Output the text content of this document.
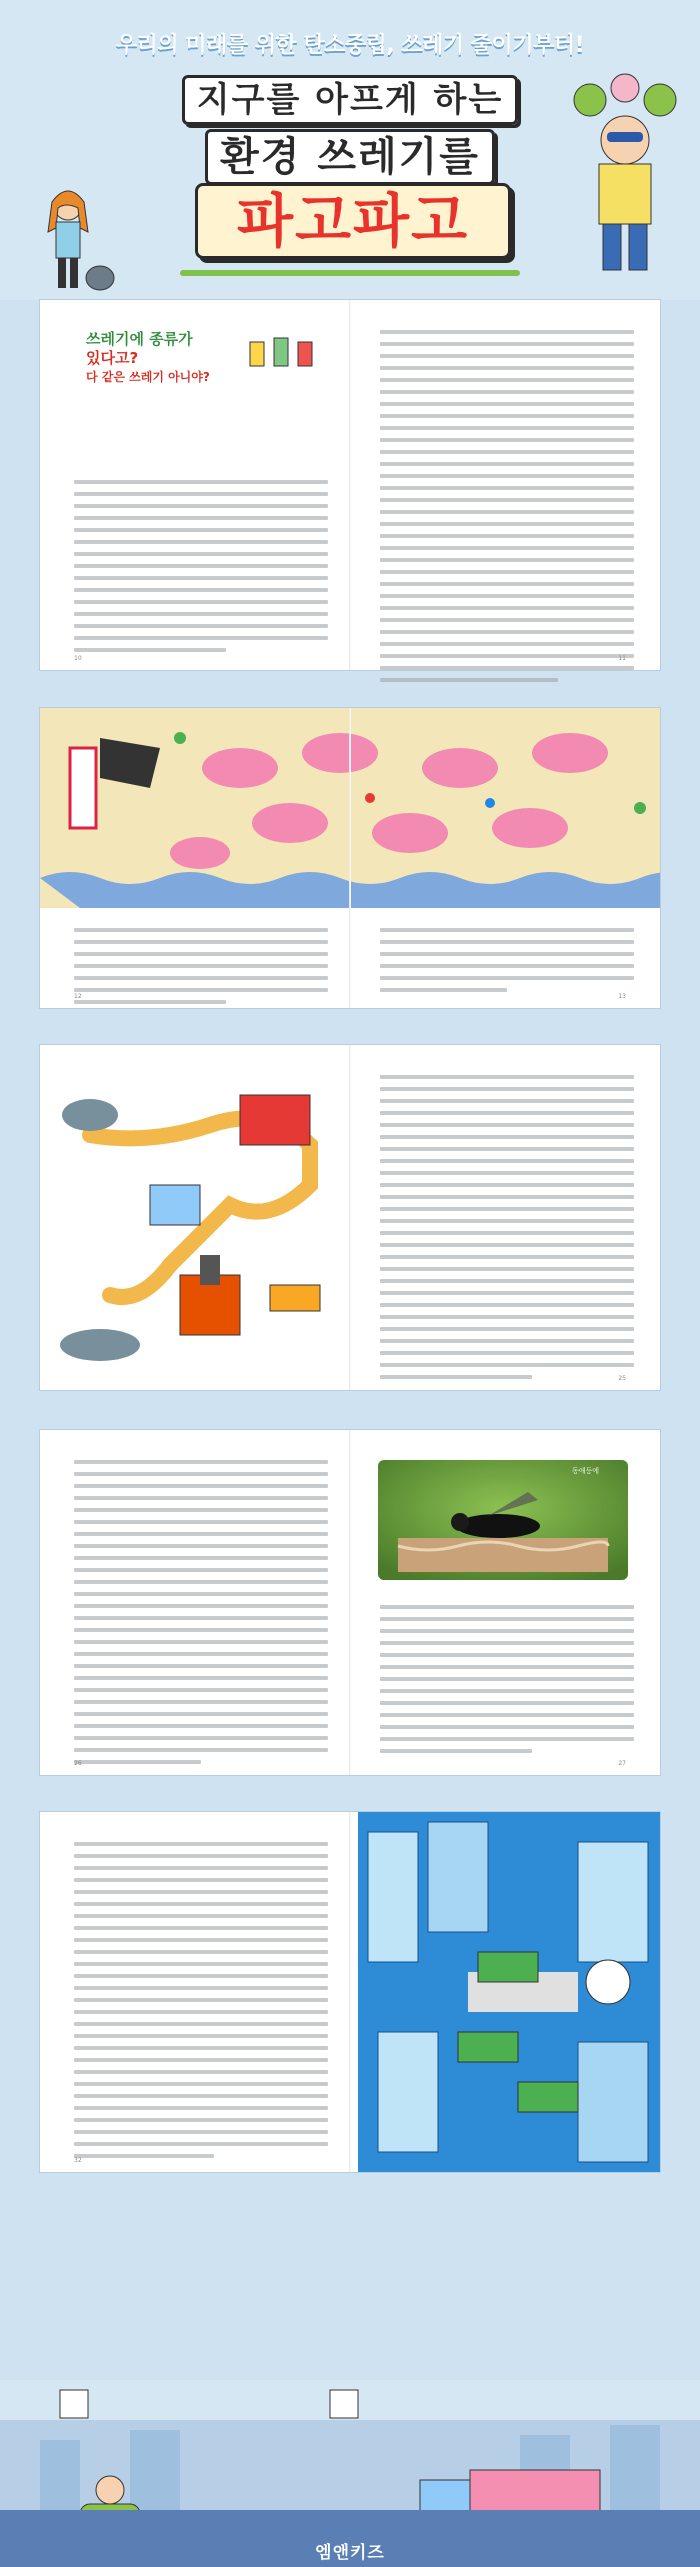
우리의 미래를 위한 탄소중립, 쓰레기 줄이기부터!
지구를 아프게 하는
환경 쓰레기를
파고파고
쓰레기에 종류가
있다고?
다 같은 쓰레기 아니야?
10	11
12	13
25
26
동애등에
27
32
엠앤키즈
